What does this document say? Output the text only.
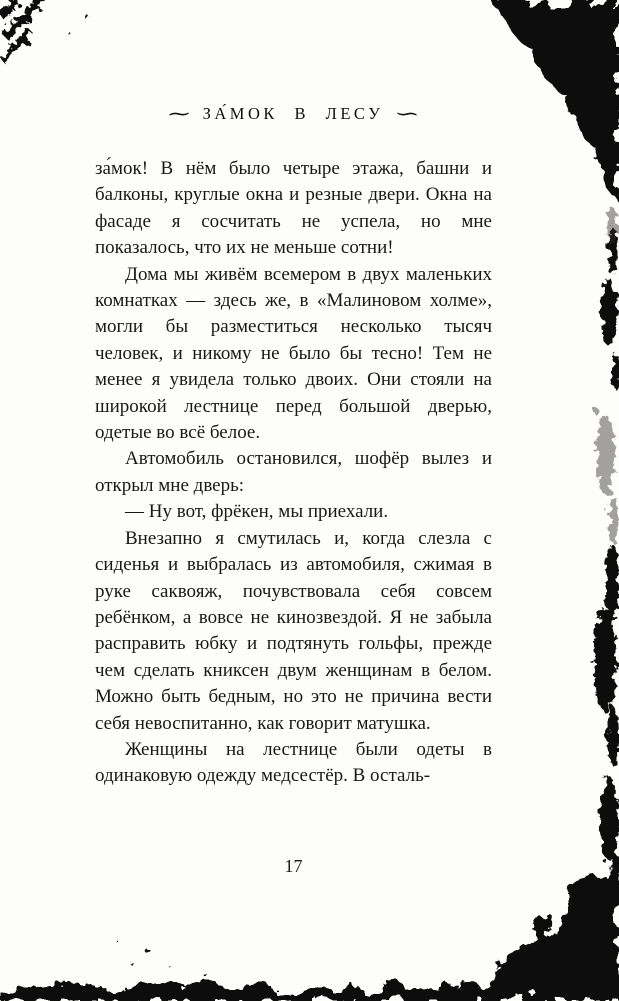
∼ ЗА́МОК В ЛЕСУ ∼

за́мок! В нём было четыре этажа, башни и балконы, круглые окна и резные двери. Окна на фасаде я сосчитать не успела, но мне показалось, что их не меньше сотни!

Дома мы живём всемером в двух маленьких комнатках — здесь же, в «Малиновом холме», могли бы разместиться несколько тысяч человек, и никому не было бы тесно! Тем не менее я увидела только двоих. Они стояли на широкой лестнице перед большой дверью, одетые во всё белое.

Автомобиль остановился, шофёр вылез и открыл мне дверь:

— Ну вот, фрёкен, мы приехали.

Внезапно я смутилась и, когда слезла с сиденья и выбралась из автомобиля, сжимая в руке саквояж, почувствовала себя совсем ребёнком, а вовсе не кинозвездой. Я не забыла расправить юбку и подтянуть гольфы, прежде чем сделать книксен двум женщинам в белом. Можно быть бедным, но это не причина вести себя невоспитанно, как говорит матушка.

Женщины на лестнице были одеты в одинаковую одежду медсестёр. В осталь-

17
